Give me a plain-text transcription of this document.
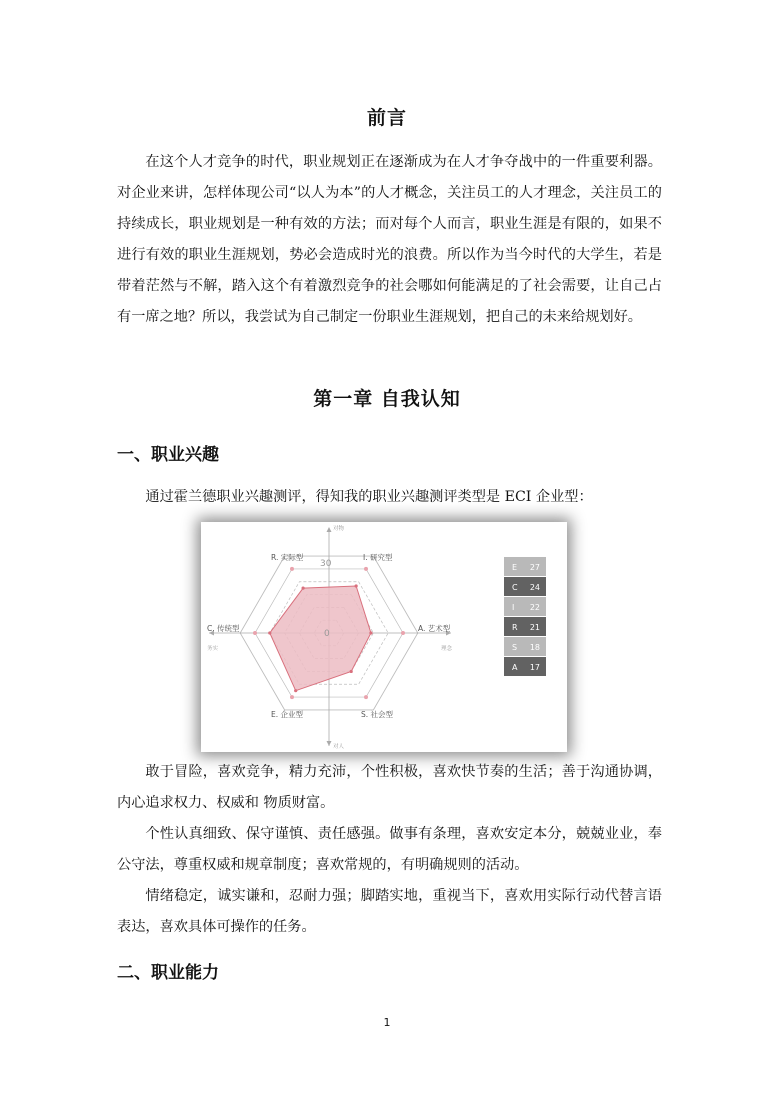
前言

在这个人才竞争的时代，职业规划正在逐渐成为在人才争夺战中的一件重要利器。对企业来讲，怎样体现公司“以人为本”的人才概念，关注员工的人才理念，关注员工的持续成长，职业规划是一种有效的方法；而对每个人而言，职业生涯是有限的，如果不进行有效的职业生涯规划，势必会造成时光的浪费。所以作为当今时代的大学生，若是带着茫然与不解，踏入这个有着激烈竞争的社会哪如何能满足的了社会需要，让自己占有一席之地？所以，我尝试为自己制定一份职业生涯规划，把自己的未来给规划好。

第一章 自我认知
一、职业兴趣

通过霍兰德职业兴趣测评，得知我的职业兴趣测评类型是 ECI 企业型：

I. 研究型
A. 艺术型
S. 社会型
E. 企业型
C. 传统型
R. 实际型
30
0
对物
对人
务实	理念
E 27
C 24
I 22
R 21
S 18
A 17

敢于冒险，喜欢竞争，精力充沛，个性积极，喜欢快节奏的生活；善于沟通协调，内心追求权力、权威和 物质财富。

个性认真细致、保守谨慎、责任感强。做事有条理，喜欢安定本分，兢兢业业，奉公守法，尊重权威和规章制度；喜欢常规的，有明确规则的活动。

情绪稳定，诚实谦和，忍耐力强；脚踏实地，重视当下，喜欢用实际行动代替言语表达，喜欢具体可操作的任务。

二、职业能力
1
